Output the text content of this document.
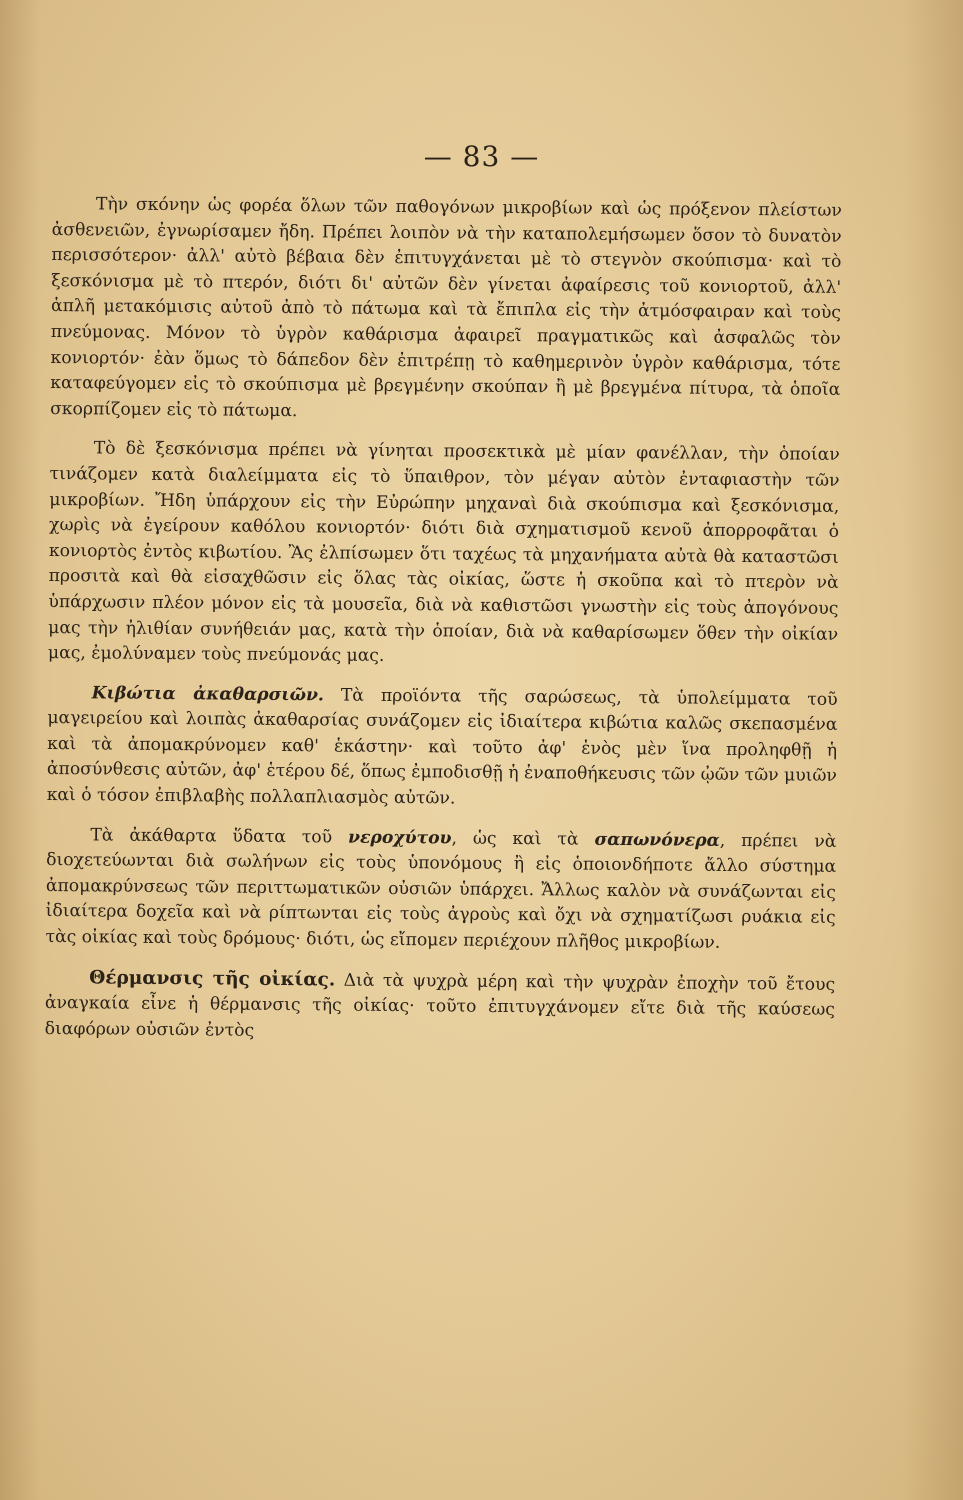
— 83 —

Τὴν σκόνην ὡς φορέα ὅλων τῶν παθογόνων μικροβίων καὶ ὡς πρόξενον πλείστων ἀσθενειῶν, ἐγνωρίσαμεν ἤδη. Πρέπει λοιπὸν νὰ τὴν καταπολεμήσωμεν ὅσον τὸ δυνατὸν περισσότερον· ἀλλ' αὐτὸ βέβαια δὲν ἐπιτυγχάνεται μὲ τὸ στεγνὸν σκούπισμα· καὶ τὸ ξεσκόνισμα μὲ τὸ πτερόν, διότι δι' αὐτῶν δὲν γίνεται ἀφαίρεσις τοῦ κονιορτοῦ, ἀλλ' ἁπλῆ μετακόμισις αὐτοῦ ἀπὸ τὸ πάτωμα καὶ τὰ ἔπιπλα εἰς τὴν ἀτμόσφαιραν καὶ τοὺς πνεύμονας. Μόνον τὸ ὑγρὸν καθάρισμα ἀφαιρεῖ πραγματικῶς καὶ ἀσφαλῶς τὸν κονιορτόν· ἐὰν ὅμως τὸ δάπεδον δὲν ἐπιτρέπῃ τὸ καθημερινὸν ὑγρὸν καθάρισμα, τότε καταφεύγομεν εἰς τὸ σκούπισμα μὲ βρεγμένην σκούπαν ἢ μὲ βρεγμένα πίτυρα, τὰ ὁποῖα σκορπίζομεν εἰς τὸ πάτωμα.

Τὸ δὲ ξεσκόνισμα πρέπει νὰ γίνηται προσεκτικὰ μὲ μίαν φανέλλαν, τὴν ὁποίαν τινάζομεν κατὰ διαλείμματα εἰς τὸ ὕπαιθρον, τὸν μέγαν αὐτὸν ἐνταφιαστὴν τῶν μικροβίων. Ἤδη ὑπάρχουν εἰς τὴν Εὐρώπην μηχαναὶ διὰ σκούπισμα καὶ ξεσκόνισμα, χωρὶς νὰ ἐγείρουν καθόλου κονιορτόν· διότι διὰ σχηματισμοῦ κενοῦ ἀπορροφᾶται ὁ κονιορτὸς ἐντὸς κιβωτίου. Ἂς ἐλπίσωμεν ὅτι ταχέως τὰ μηχανήματα αὐτὰ θὰ καταστῶσι προσιτὰ καὶ θὰ εἰσαχθῶσιν εἰς ὅλας τὰς οἰκίας, ὥστε ἡ σκοῦπα καὶ τὸ πτερὸν νὰ ὑπάρχωσιν πλέον μόνον εἰς τὰ μουσεῖα, διὰ νὰ καθιστῶσι γνωστὴν εἰς τοὺς ἀπογόνους μας τὴν ἠλιθίαν συνήθειάν μας, κατὰ τὴν ὁποίαν, διὰ νὰ καθαρίσωμεν ὅθεν τὴν οἰκίαν μας, ἐμολύναμεν τοὺς πνεύμονάς μας.

Κιβώτια ἀκαθαρσιῶν. Τὰ προϊόντα τῆς σαρώσεως, τὰ ὑπολείμματα τοῦ μαγειρείου καὶ λοιπὰς ἀκαθαρσίας συνάζομεν εἰς ἰδιαίτερα κιβώτια καλῶς σκεπασμένα καὶ τὰ ἀπομακρύνομεν καθ' ἑκάστην· καὶ τοῦτο ἀφ' ἑνὸς μὲν ἵνα προληφθῇ ἡ ἀποσύνθεσις αὐτῶν, ἀφ' ἑτέρου δέ, ὅπως ἐμποδισθῇ ἡ ἐναποθήκευσις τῶν ᾠῶν τῶν μυιῶν καὶ ὁ τόσον ἐπιβλαβὴς πολλαπλιασμὸς αὐτῶν.

Τὰ ἀκάθαρτα ὕδατα τοῦ νεροχύτου, ὡς καὶ τὰ σαπωνόνερα, πρέπει νὰ διοχετεύωνται διὰ σωλήνων εἰς τοὺς ὑπονόμους ἢ εἰς ὁποιονδήποτε ἄλλο σύστημα ἀπομακρύνσεως τῶν περιττωματικῶν οὐσιῶν ὑπάρχει. Ἄλλως καλὸν νὰ συνάζωνται εἰς ἰδιαίτερα δοχεῖα καὶ νὰ ρίπτωνται εἰς τοὺς ἀγροὺς καὶ ὄχι νὰ σχηματίζωσι ρυάκια εἰς τὰς οἰκίας καὶ τοὺς δρόμους· διότι, ὡς εἴπομεν περιέχουν πλῆθος μικροβίων.

Θέρμανσις τῆς οἰκίας. Διὰ τὰ ψυχρὰ μέρη καὶ τὴν ψυχρὰν ἐποχὴν τοῦ ἔτους ἀναγκαία εἶνε ἡ θέρμανσις τῆς οἰκίας· τοῦτο ἐπιτυγχάνομεν εἴτε διὰ τῆς καύσεως διαφόρων οὐσιῶν ἐντὸς
